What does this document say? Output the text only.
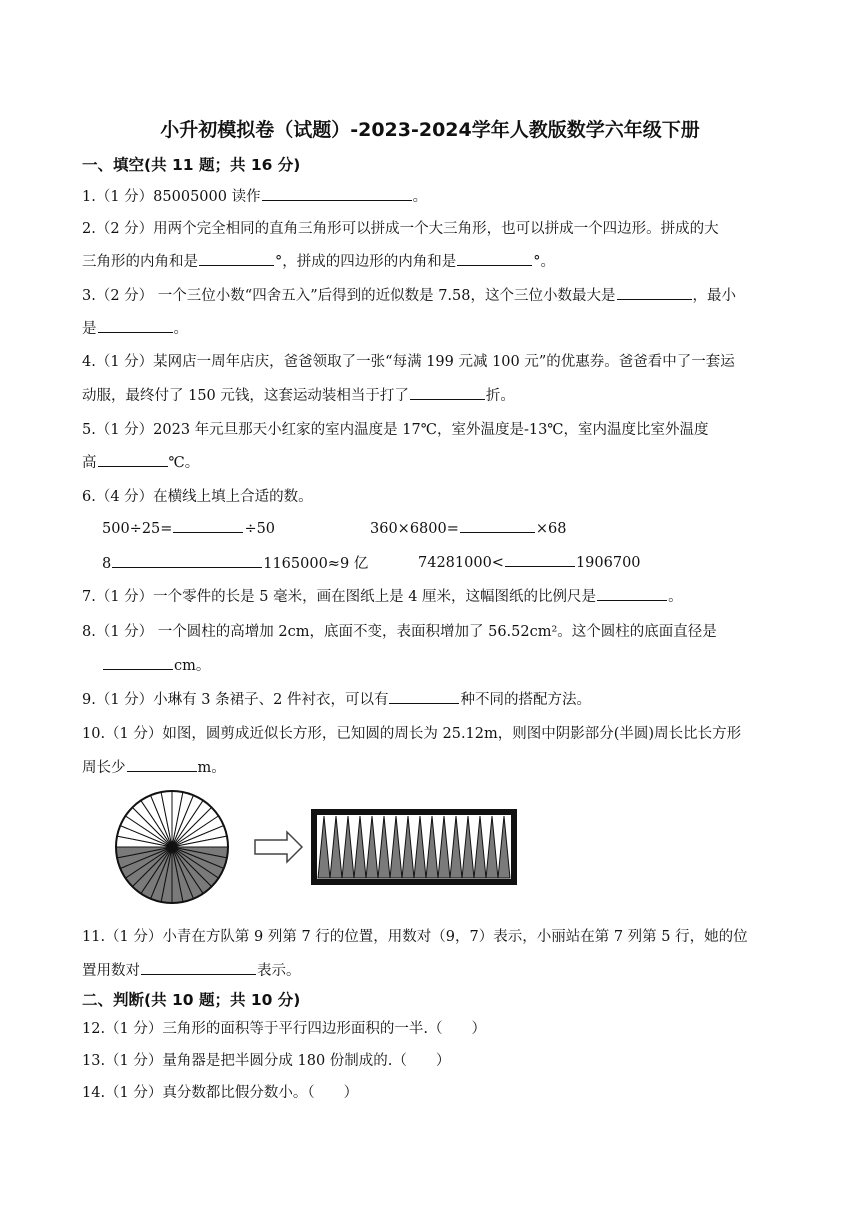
小升初模拟卷（试题）-2023-2024学年人教版数学六年级下册
一、填空(共 11 题；共 16 分)
1.（1 分）85005000 读作	。
2.（2 分）用两个完全相同的直角三角形可以拼成一个大三角形，也可以拼成一个四边形。拼成的大
三角形的内角和是	°，拼成的四边形的内角和是	°。
3.（2 分） 一个三位小数“四舍五入”后得到的近似数是 7.58，这个三位小数最大是	，最小
是	。
4.（1 分）某网店一周年店庆，爸爸领取了一张“每满 199 元减 100 元”的优惠券。爸爸看中了一套运
动服，最终付了 150 元钱，这套运动装相当于打了	折。
5.（1 分）2023 年元旦那天小红家的室内温度是 17℃，室外温度是-13℃，室内温度比室外温度
高	℃。
6.（4 分）在横线上填上合适的数。
500÷25=	÷50	360×6800=	×68
8	1165000≈9 亿	74281000<	1906700
7.（1 分）一个零件的长是 5 毫米，画在图纸上是 4 厘米，这幅图纸的比例尺是	。
8.（1 分） 一个圆柱的高增加 2cm，底面不变，表面积增加了 56.52cm²。这个圆柱的底面直径是
cm。
9.（1 分）小琳有 3 条裙子、2 件衬衣，可以有	种不同的搭配方法。
10.（1 分）如图，圆剪成近似长方形，已知圆的周长为 25.12m，则图中阴影部分(半圆)周长比长方形
周长少	m。
11.（1 分）小青在方队第 9 列第 7 行的位置，用数对（9，7）表示，小丽站在第 7 列第 5 行，她的位
置用数对	表示。
二、判断(共 10 题；共 10 分)
12.（1 分）三角形的面积等于平行四边形面积的一半.（　　）
13.（1 分）量角器是把半圆分成 180 份制成的.（　　）
14.（1 分）真分数都比假分数小。（　　）
